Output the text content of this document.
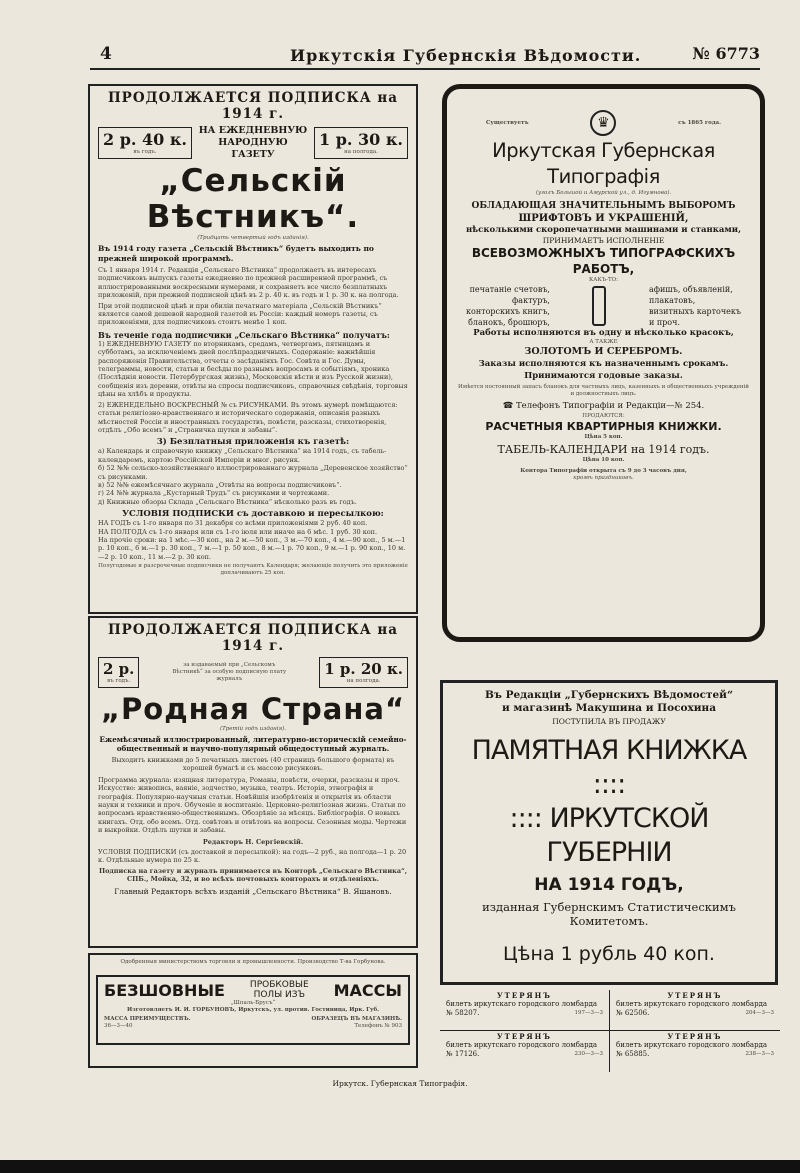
4	Иркутскія Губернскія Вѣдомости.	№ 6773
ПРОДОЛЖАЕТСЯ ПОДПИСКА на 1914 г.
2 р. 40 к.
въ годъ.
НА ЕЖЕДНЕВНУЮ НАРОДНУЮ ГАЗЕТУ
1 р. 30 к.
на полгода.
„Сельскій Вѣстникъ“.
(Тридцать четвертый годъ изданія).
Въ 1914 году газета „Сельскій Вѣстникъ“ будетъ выходить по прежней широкой программѣ.
Съ 1 января 1914 г. Редакція „Сельскаго Вѣстника“ продолжаетъ въ интересахъ подписчиковъ выпускъ газеты ежедневно по прежней расширенной программѣ, съ иллюстрированными воскресными нумерами, и сохраняетъ все число безплатныхъ приложеній, при прежней подписной цѣнѣ въ 2 р. 40 к. въ годъ и 1 р. 30 к. на полгода.
При этой подписной цѣнѣ и при обиліи печатнаго матеріала „Сельскій Вѣстникъ“ является самой дешевой народной газетой въ Россіи: каждый номеръ газеты, съ приложеніями, для подписчиковъ стоитъ менѣе 1 коп.
Въ теченіе года подписчики „Сельскаго Вѣстника“ получатъ:
1) ЕЖЕДНЕВНУЮ ГАЗЕТУ по вторникамъ, средамъ, четвергамъ, пятницамъ и субботамъ, за исключеніемъ дней послѣпраздничныхъ. Содержаніе: важнѣйшія распоряженія Правительства, отчеты о засѣданіяхъ Гос. Совѣта и Гос. Думы, телеграммы, новости, статьи и бесѣды по разнымъ вопросамъ и событіямъ, хроника (Послѣднія новости. Петербургская жизнь), Московскія вѣсти и изъ Русской жизни), сообщенія изъ деревни, отвѣты на спросы подписчиковъ, справочныя свѣдѣнія, торговыя цѣны на хлѣбъ и продукты.
2) ЕЖЕНЕДЕЛЬНО ВОСКРЕСНЫЙ № съ РИСУНКАМИ. Въ этомъ нумерѣ помѣщаются: статьи религіозно-нравственнаго и историческаго содержанія, описанія разныхъ мѣстностей Россіи и иностранныхъ государствъ, повѣсти, разсказы, стихотворенія, отдѣлъ „Обо всемъ“ и „Страничка шутки и забавы“.
3) Безплатныя приложенія къ газетѣ:
а) Календарь и справочную книжку „Сельскаго Вѣстника“ на 1914 годъ, съ табель-календаремъ, картою Россійской Имперіи и мног. рисунк.
б) 52 №№ сельско-хозяйственнаго иллюстрированнаго журнала „Деревенское хозяйство“ съ рисунками.
в) 52 №№ ежемѣсячнаго журнала „Отвѣты на вопросы подписчиковъ“.
г) 24 №№ журнала „Кустарный Трудъ“ съ рисунками и чертежами.
д) Книжные обзоры Склада „Сельскаго Вѣстника“ нѣсколько разъ въ годъ.
УСЛОВІЯ ПОДПИСКИ съ доставкою и пересылкою:
НА ГОДЪ съ 1-го января по 31 декабря со всѣми приложеніями 2 руб. 40 коп.
НА ПОЛГОДА съ 1-го января или съ 1-го іюля или иначе на 6 мѣс. 1 руб. 30 коп.
На прочіе сроки: на 1 мѣс.—30 коп., на 2 м.—50 коп., 3 м.—70 коп., 4 м.—90 коп., 5 м.—1 р. 10 коп., 6 м.—1 р. 30 коп., 7 м.—1 р. 50 коп., 8 м.—1 р. 70 коп., 9 м.—1 р. 90 коп., 10 м.—2 р. 10 коп., 11 м.—2 р. 30 коп.
Полугодовые и разсрочечные подписчики не получаютъ Календаря; желающіе получить это приложеніе доплачиваютъ 25 коп.
ПРОДОЛЖАЕТСЯ ПОДПИСКА на 1914 г.
2 р.
въ годъ.
за издаваемый при „Сельскомъ Вѣстникѣ“ за особую подписную плату журналъ
1 р. 20 к.
на полгода.
„Родная Страна“
(Третій годъ изданія).
Ежемѣсячный иллюстрированный, литературно-историческій семейно-общественный и научно-популярный общедоступный журналъ.
Выходитъ книжками до 5 печатныхъ листовъ (40 страницъ большого формата) въ хорошей бумагѣ и съ массою рисунковъ.
Программа журнала: изящная литература, Романы, повѣсти, очерки, разсказы и проч. Искусство: живопись, ваяніе, зодчество, музыка, театръ. Исторія, этнографія и географія. Популярно-научныя статьи. Новѣйшія изобрѣтенія и открытія въ области науки и техники и проч. Обученіе и воспитаніе. Церковно-религіозная жизнь. Статьи по вопросамъ нравственно-общественнымъ. Обозрѣніе за мѣсяцъ. Библіографія. О новыхъ книгахъ. Отд. обо всемъ. Отд. совѣтовъ и отвѣтовъ на вопросы. Сезонныя моды. Чертежи и выкройки. Отдѣлъ шутки и забавы.
Редакторъ Н. Сергіевскій.
УСЛОВІЯ ПОДПИСКИ (съ доставкой и пересылкой): на годъ—2 руб., на полгода—1 р. 20 к. Отдѣльные нумера по 25 к.
Подписка на газету и журналъ принимается въ Конторѣ „Сельскаго Вѣстника“, СПБ., Мойка, 32, и во всѣхъ почтовыхъ конторахъ и отдѣленіяхъ.
Главный Редакторъ всѣхъ изданій „Сельскаго Вѣстника“ В. Яшановъ.
Одобренныя министерствомъ торговли и промышленности. Производство Т-ва Горбунова.
БЕЗШОВНЫЕ	ПРОБКОВЫЕ
ПОЛЫ ИЗЪ МАССЫ
„Шпаль-Брусъ“
Изготовляетъ И. И. ГОРБУНОВЪ, Иркутскъ, ул. против. Гостиница, Ирк. Губ.
МАССА ПРЕИМУЩЕСТВЪ.	ОБРАЗЕЦЪ ВЪ МАГАЗИНѢ.
36—3—40	Телефонъ № 903
Существуетъ	♛	съ 1865 года.
Иркутская Губернская Типографія
(уголъ Большой и Амурской ул., д. Игумнова).
ОБЛАДАЮЩАЯ ЗНАЧИТЕЛЬНЫМЪ ВЫБОРОМЪ
ШРИФТОВЪ И УКРАШЕНІЙ,
нѣсколькими скоропечатными машинами и станками,
ПРИНИМАЕТЪ ИСПОЛНЕНІЕ
ВСЕВОЗМОЖНЫХЪ ТИПОГРАФСКИХЪ РАБОТЪ,
КАКЪ-ТО:
печатаніе счетовъ,
фактуръ,
конторскихъ книгъ,
бланокъ, брошюръ,
афишъ, объявленій,
плакатовъ,
визитныхъ карточекъ
и проч.
Работы исполняются въ одну и нѣсколько красокъ,
А ТАКЖЕ
ЗОЛОТОМЪ И СЕРЕБРОМЪ.
Заказы исполняются къ назначеннымъ срокамъ.
Принимаются годовые заказы.
Имѣется постоянный запасъ бланокъ для частныхъ лицъ, казенныхъ и общественныхъ учрежденій и должностныхъ лицъ.
☎ Телефонъ Типографіи и Редакціи—№ 254.
ПРОДАЮТСЯ:
РАСЧЕТНЫЯ КВАРТИРНЫЯ КНИЖКИ.
Цѣна 5 коп.
ТАБЕЛЬ-КАЛЕНДАРИ на 1914 годъ.
Цѣна 10 коп.
Контора Типографіи открыта съ 9 до 3 часовъ дня,
кромѣ праздниковъ.
Въ Редакціи „Губернскихъ Вѣдомостей“
и магазинѣ Макушина и Посохина
ПОСТУПИЛА ВЪ ПРОДАЖУ
ПАМЯТНАЯ КНИЖКА ::::
:::: ИРКУТСКОЙ ГУБЕРНІИ
НА 1914 ГОДЪ,
изданная Губернскимъ Статистическимъ
Комитетомъ.
Цѣна 1 рубль 40 коп.
УТЕРЯНЪ
билетъ иркутскаго городского ломбарда
№ 58207.	197—3—3
УТЕРЯНЪ
билетъ иркутскаго городского ломбарда
№ 62506.	204—3—3
УТЕРЯНЪ
билетъ иркутскаго городского ломбарда
№ 17126.	230—3—3
УТЕРЯНЪ
билетъ иркутскаго городского ломбарда
№ 65885.	238—3—3
Иркутск. Губернская Типографія.
